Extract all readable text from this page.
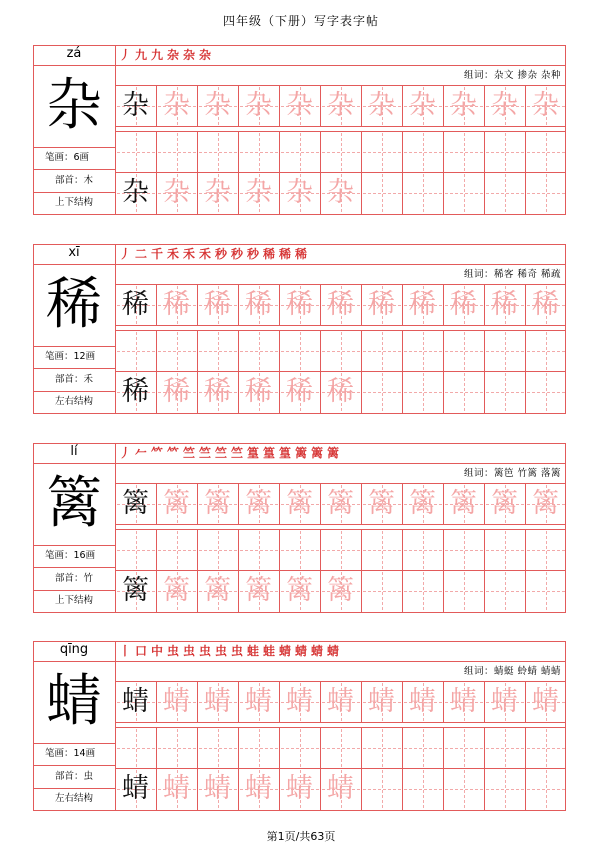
四年级（下册）写字表字帖
zá
杂
笔画：6画
部首：木
上下结构
丿 九 九 杂 杂 杂
组词：杂文 掺杂 杂种
杂 杂 杂 杂 杂 杂 杂 杂 杂 杂 杂
杂 杂 杂 杂 杂 杂
xī
稀
笔画：12画
部首：禾
左右结构
丿 二 千 禾 禾 禾 秒 秒 秒 稀 稀 稀
组词：稀客 稀奇 稀疏
稀 稀 稀 稀 稀 稀 稀 稀 稀 稀 稀
稀 稀 稀 稀 稀 稀
lí
篱
笔画：16画
部首：竹
上下结构
丿 𠂉 𥫗 𥫗 竺 竺 竺 竺 篁 篁 篁 篱 篱 篱
组词：篱笆 竹篱 落篱
篱 篱 篱 篱 篱 篱 篱 篱 篱 篱 篱
篱 篱 篱 篱 篱 篱
qīng
蜻
笔画：14画
部首：虫
左右结构
丨 口 中 虫 虫 虫 虫 虫 蛙 蛙 蜻 蜻 蜻 蜻
组词：蜻蜓 蛉蜻 蜻蜻
蜻 蜻 蜻 蜻 蜻 蜻 蜻 蜻 蜻 蜻 蜻
蜻 蜻 蜻 蜻 蜻 蜻
第1页/共63页
